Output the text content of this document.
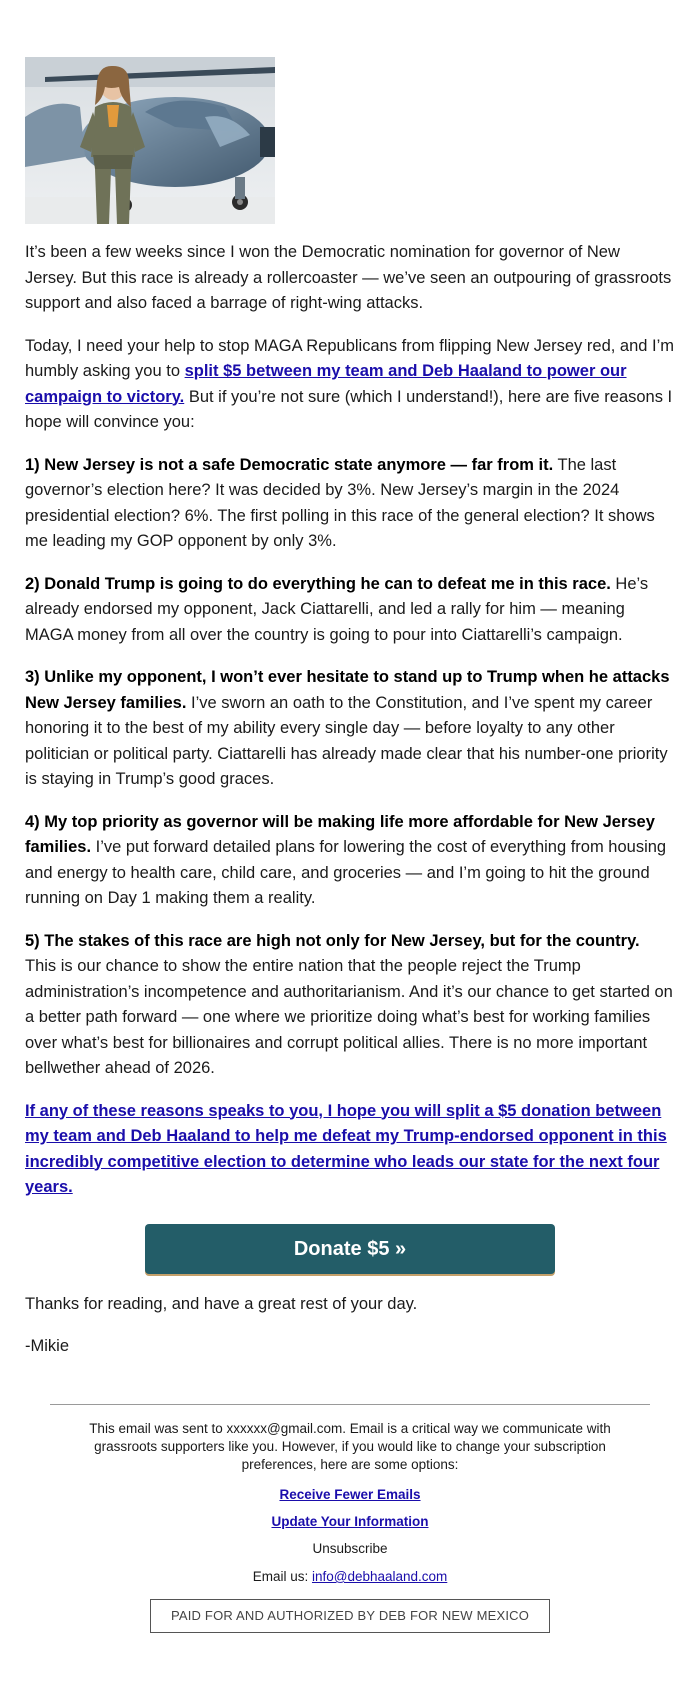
It’s been a few weeks since I won the Democratic nomination for governor of New Jersey. But this race is already a rollercoaster — we’ve seen an outpouring of grassroots support and also faced a barrage of right-wing attacks.

Today, I need your help to stop MAGA Republicans from flipping New Jersey red, and I’m humbly asking you to split $5 between my team and Deb Haaland to power our campaign to victory. But if you’re not sure (which I understand!), here are five reasons I hope will convince you:

1) New Jersey is not a safe Democratic state anymore — far from it. The last governor’s election here? It was decided by 3%. New Jersey’s margin in the 2024 presidential election? 6%. The first polling in this race of the general election? It shows me leading my GOP opponent by only 3%.

2) Donald Trump is going to do everything he can to defeat me in this race. He’s already endorsed my opponent, Jack Ciattarelli, and led a rally for him — meaning MAGA money from all over the country is going to pour into Ciattarelli’s campaign.

3) Unlike my opponent, I won’t ever hesitate to stand up to Trump when he attacks New Jersey families. I’ve sworn an oath to the Constitution, and I’ve spent my career honoring it to the best of my ability every single day — before loyalty to any other politician or political party. Ciattarelli has already made clear that his number-one priority is staying in Trump’s good graces.

4) My top priority as governor will be making life more affordable for New Jersey families. I’ve put forward detailed plans for lowering the cost of everything from housing and energy to health care, child care, and groceries — and I’m going to hit the ground running on Day 1 making them a reality.

5) The stakes of this race are high not only for New Jersey, but for the country. This is our chance to show the entire nation that the people reject the Trump administration’s incompetence and authoritarianism. And it’s our chance to get started on a better path forward — one where we prioritize doing what’s best for working families over what’s best for billionaires and corrupt political allies. There is no more important bellwether ahead of 2026.

If any of these reasons speaks to you, I hope you will split a $5 donation between my team and Deb Haaland to help me defeat my Trump-endorsed opponent in this incredibly competitive election to determine who leads our state for the next four years.

Donate $5 »

Thanks for reading, and have a great rest of your day.

-Mikie

This email was sent to xxxxxx@gmail.com. Email is a critical way we communicate with grassroots supporters like you. However, if you would like to change your subscription preferences, here are some options:
Receive Fewer Emails
Update Your Information
Unsubscribe
Email us: info@debhaaland.com
PAID FOR AND AUTHORIZED BY DEB FOR NEW MEXICO
